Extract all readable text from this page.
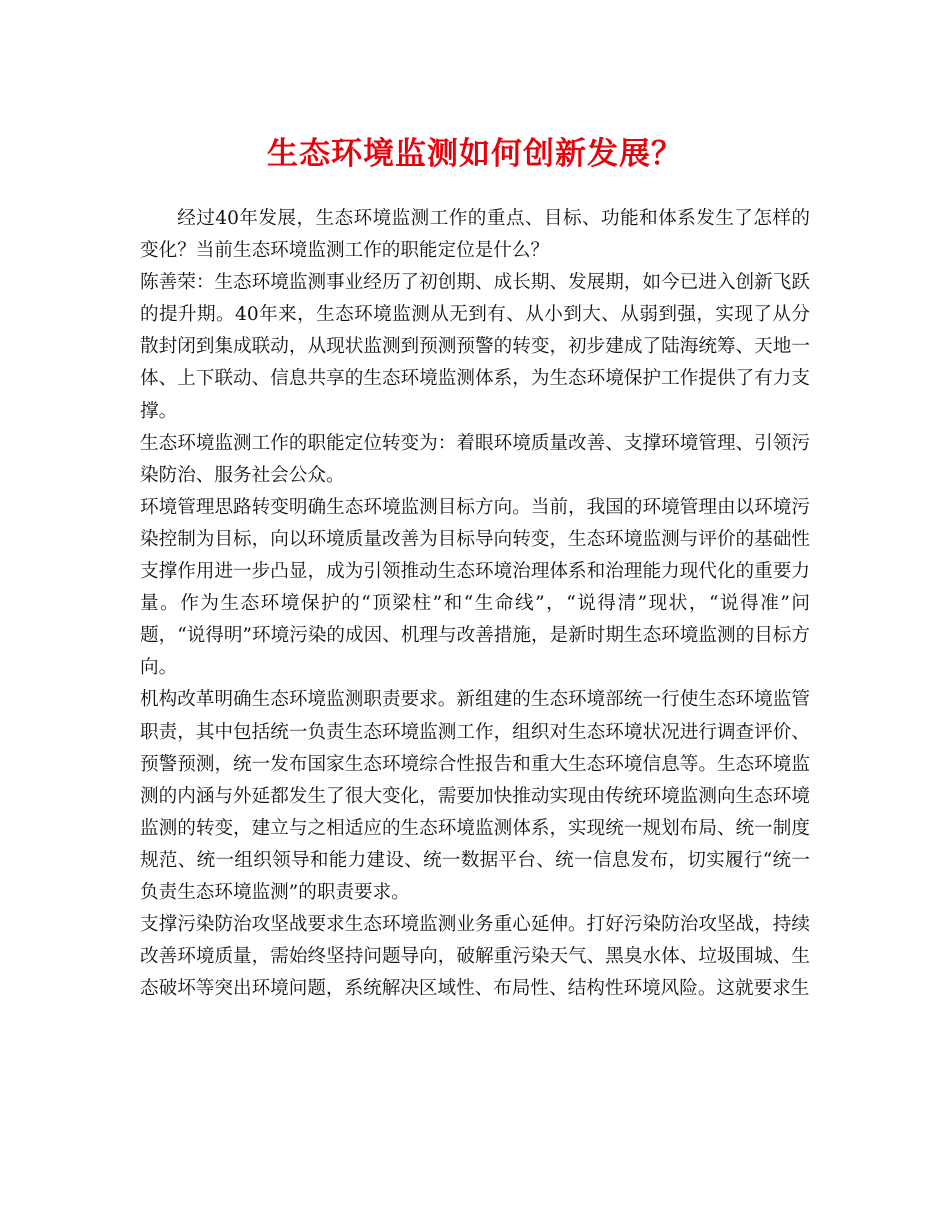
生态环境监测如何创新发展？

经过40年发展，生态环境监测工作的重点、目标、功能和体系发生了怎样的变化？当前生态环境监测工作的职能定位是什么？

陈善荣：生态环境监测事业经历了初创期、成长期、发展期，如今已进入创新飞跃的提升期。40年来，生态环境监测从无到有、从小到大、从弱到强，实现了从分散封闭到集成联动，从现状监测到预测预警的转变，初步建成了陆海统筹、天地一体、上下联动、信息共享的生态环境监测体系，为生态环境保护工作提供了有力支撑。

生态环境监测工作的职能定位转变为：着眼环境质量改善、支撑环境管理、引领污染防治、服务社会公众。

环境管理思路转变明确生态环境监测目标方向。当前，我国的环境管理由以环境污染控制为目标，向以环境质量改善为目标导向转变，生态环境监测与评价的基础性支撑作用进一步凸显，成为引领推动生态环境治理体系和治理能力现代化的重要力量。作为生态环境保护的“顶梁柱”和“生命线”，“说得清”现状，“说得准”问题，“说得明”环境污染的成因、机理与改善措施，是新时期生态环境监测的目标方向。

机构改革明确生态环境监测职责要求。新组建的生态环境部统一行使生态环境监管职责，其中包括统一负责生态环境监测工作，组织对生态环境状况进行调查评价、预警预测，统一发布国家生态环境综合性报告和重大生态环境信息等。生态环境监测的内涵与外延都发生了很大变化，需要加快推动实现由传统环境监测向生态环境监测的转变，建立与之相适应的生态环境监测体系，实现统一规划布局、统一制度规范、统一组织领导和能力建设、统一数据平台、统一信息发布，切实履行“统一负责生态环境监测”的职责要求。

支撑污染防治攻坚战要求生态环境监测业务重心延伸。打好污染防治攻坚战，持续改善环境质量，需始终坚持问题导向，破解重污染天气、黑臭水体、垃圾围城、生态破坏等突出环境问题，系统解决区域性、布局性、结构性环境风险。这就要求生
